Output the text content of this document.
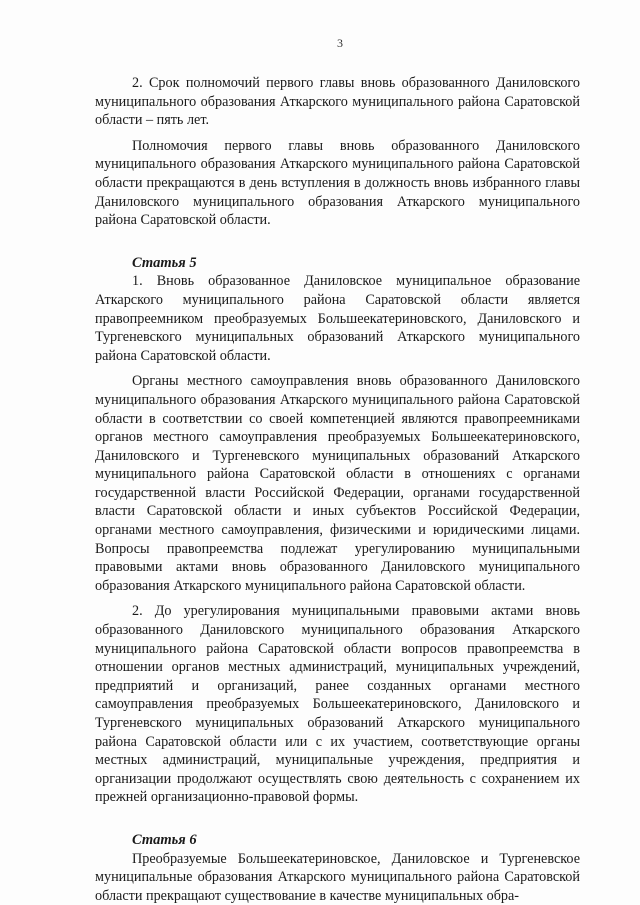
3

2. Срок полномочий первого главы вновь образованного Даниловского муниципального образования Аткарского муниципального района Саратовской области – пять лет.

Полномочия первого главы вновь образованного Даниловского муниципального образования Аткарского муниципального района Саратовской области прекращаются в день вступления в должность вновь избранного главы Даниловского муниципального образования Аткарского муниципального района Саратовской области.

Статья 5

1. Вновь образованное Даниловское муниципальное образование Аткарского муниципального района Саратовской области является правопреемником преобразуемых Большеекатериновского, Даниловского и Тургеневского муниципальных образований Аткарского муниципального района Саратовской области.

Органы местного самоуправления вновь образованного Даниловского муниципального образования Аткарского муниципального района Саратовской области в соответствии со своей компетенцией являются правопреемниками органов местного самоуправления преобразуемых Большеекатериновского, Даниловского и Тургеневского муниципальных образований Аткарского муниципального района Саратовской области в отношениях с органами государственной власти Российской Федерации, органами государственной власти Саратовской области и иных субъектов Российской Федерации, органами местного самоуправления, физическими и юридическими лицами. Вопросы правопреемства подлежат урегулированию муниципальными правовыми актами вновь образованного Даниловского муниципального образования Аткарского муниципального района Саратовской области.

2. До урегулирования муниципальными правовыми актами вновь образованного Даниловского муниципального образования Аткарского муниципального района Саратовской области вопросов правопреемства в отношении органов местных администраций, муниципальных учреждений, предприятий и организаций, ранее созданных органами местного самоуправления преобразуемых Большеекатериновского, Даниловского и Тургеневского муниципальных образований Аткарского муниципального района Саратовской области или с их участием, соответствующие органы местных администраций, муниципальные учреждения, предприятия и организации продолжают осуществлять свою деятельность с сохранением их прежней организационно-правовой формы.

Статья 6

Преобразуемые Большеекатериновское, Даниловское и Тургеневское муниципальные образования Аткарского муниципального района Саратовской области прекращают существование в качестве муниципальных обра-
